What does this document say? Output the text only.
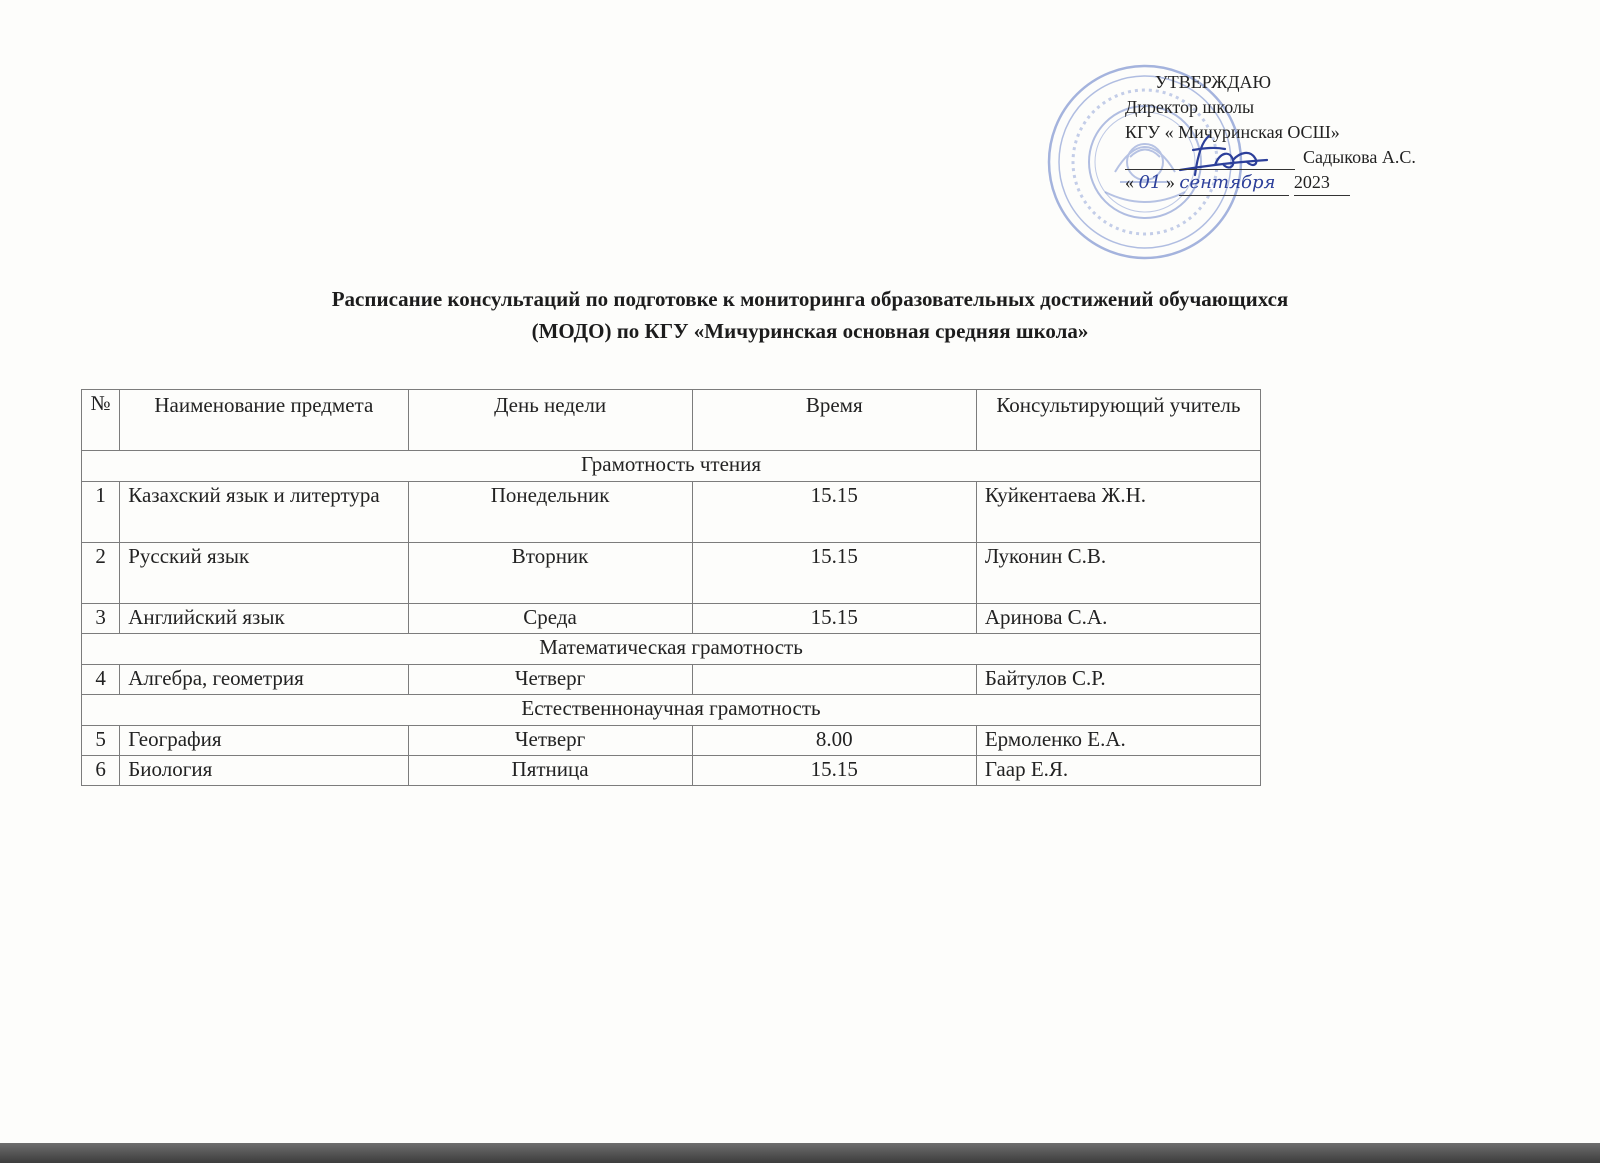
УТВЕРЖДАЮ
Директор школы
КГУ « Мичуринская ОСШ»
Садыкова А.С.
« 01 » сентября 2023
Расписание консультаций по подготовке к мониторинга образовательных достижений обучающихся
(МОДО) по КГУ «Мичуринская основная средняя школа»
№	Наименование предмета	День недели	Время	Консультирующий учитель
Грамотность чтения				
1	Казахский язык и литертура	Понедельник	15.15	Куйкентаева Ж.Н.
2	Русский язык	Вторник	15.15	Луконин С.В.
3	Английский язык	Среда	15.15	Аринова С.А.
Математическая грамотность				
4	Алгебра, геометрия	Четверг		Байтулов С.Р.
Естественнонаучная грамотность				
5	География	Четверг	8.00	Ермоленко Е.А.
6	Биология	Пятница	15.15	Гаар Е.Я.
